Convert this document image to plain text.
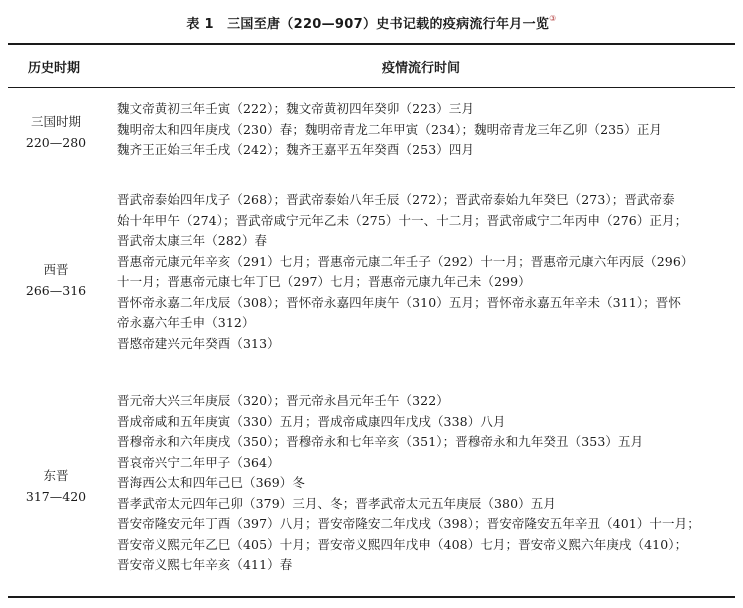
表 1　三国至唐（220—907）史书记载的疫病流行年月一览③
历史时期	疫情流行时间
三国时期
220—280
魏文帝黄初三年壬寅（222）；魏文帝黄初四年癸卯（223）三月
魏明帝太和四年庚戌（230）春；魏明帝青龙二年甲寅（234）；魏明帝青龙三年乙卯（235）正月
魏齐王正始三年壬戌（242）；魏齐王嘉平五年癸酉（253）四月
西晋
266—316
晋武帝泰始四年戊子（268）；晋武帝泰始八年壬辰（272）；晋武帝泰始九年癸巳（273）；晋武帝泰
始十年甲午（274）；晋武帝咸宁元年乙未（275）十一、十二月；晋武帝咸宁二年丙申（276）正月；
晋武帝太康三年（282）春
晋惠帝元康元年辛亥（291）七月；晋惠帝元康二年壬子（292）十一月；晋惠帝元康六年丙辰（296）
十一月；晋惠帝元康七年丁巳（297）七月；晋惠帝元康九年己未（299）
晋怀帝永嘉二年戊辰（308）；晋怀帝永嘉四年庚午（310）五月；晋怀帝永嘉五年辛未（311）；晋怀
帝永嘉六年壬申（312）
晋愍帝建兴元年癸酉（313）
东晋
317—420
晋元帝大兴三年庚辰（320）；晋元帝永昌元年壬午（322）
晋成帝咸和五年庚寅（330）五月；晋成帝咸康四年戊戌（338）八月
晋穆帝永和六年庚戌（350）；晋穆帝永和七年辛亥（351）；晋穆帝永和九年癸丑（353）五月
晋哀帝兴宁二年甲子（364）
晋海西公太和四年己巳（369）冬
晋孝武帝太元四年己卯（379）三月、冬；晋孝武帝太元五年庚辰（380）五月
晋安帝隆安元年丁酉（397）八月；晋安帝隆安二年戊戌（398）；晋安帝隆安五年辛丑（401）十一月；
晋安帝义熙元年乙巳（405）十月；晋安帝义熙四年戊申（408）七月；晋安帝义熙六年庚戌（410）；
晋安帝义熙七年辛亥（411）春
